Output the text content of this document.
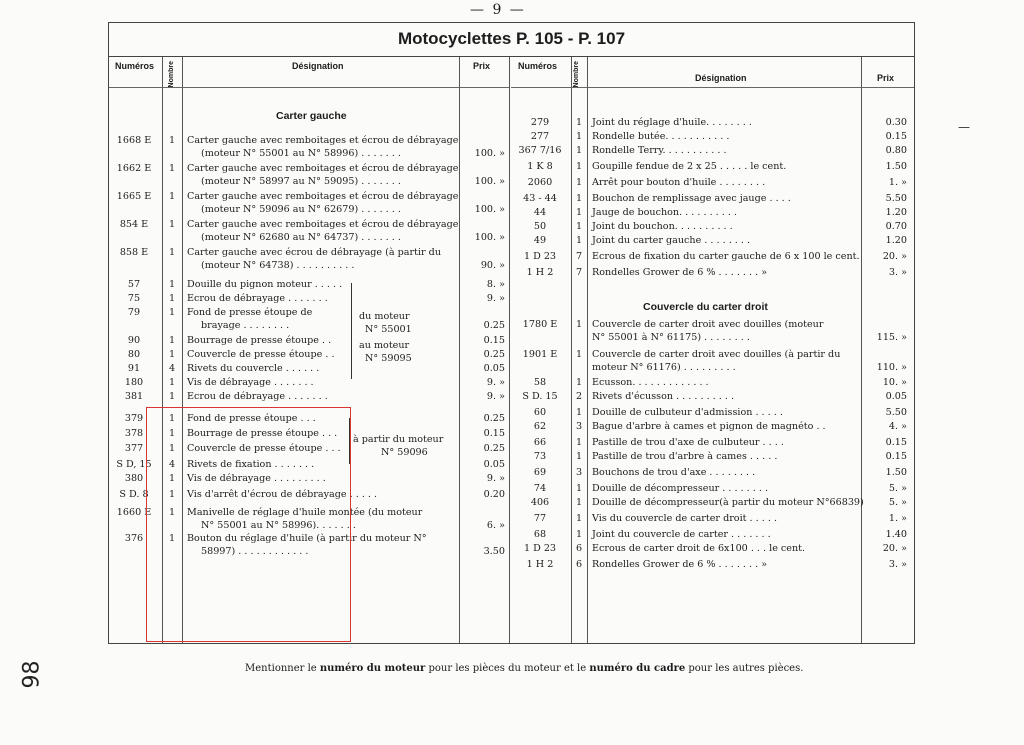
— 9 —
98
—
Motocyclettes P. 105 - P. 107
Numéros Nombre	Désignation	Prix	Numéros Nombre	Désignation	Prix
Carter gauche
Couvercle du carter droit
1668 E	1	Carter gauche avec remboitages et écrou de débrayage
(moteur N° 55001 au N° 58996) . . . . . . .	100. »
1662 E	1	Carter gauche avec remboitages et écrou de débrayage
(moteur N° 58997 au N° 59095) . . . . . . .	100. »
1665 E	1	Carter gauche avec remboitages et écrou de débrayage
(moteur N° 59096 au N° 62679) . . . . . . .	100. »
854 E	1	Carter gauche avec remboitages et écrou de débrayage
(moteur N° 62680 au N° 64737) . . . . . . .	100. »
858 E	1	Carter gauche avec écrou de débrayage (à partir du
(moteur N° 64738) . . . . . . . . . .	90. »
57	1	Douille du pignon moteur . . . . .	8. »
75	1	Ecrou de débrayage . . . . . . .	9. »
79	1	Fond de presse étoupe de
brayage . . . . . . . .	0.25
90	1	Bourrage de presse étoupe . .	0.15
80	1	Couvercle de presse étoupe . .	0.25
91	4	Rivets du couvercle . . . . . .	0.05
180	1	Vis de débrayage . . . . . . .	9. »
381	1	Ecrou de débrayage . . . . . . .	9. »
379	1	Fond de presse étoupe . . .	0.25
378	1	Bourrage de presse étoupe . . .	0.15
377	1	Couvercle de presse étoupe . . .	0.25
S D, 15	4	Rivets de fixation . . . . . . .	0.05
380	1	Vis de débrayage . . . . . . . . .	9. »
S D. 8	1	Vis d'arrêt d'écrou de débrayage . . . . .	0.20
1660 E	1	Manivelle de réglage d'huile montée (du moteur
N° 55001 au N° 58996). . . . . . .	6. »
376	1	Bouton du réglage d'huile (à partir du moteur N°
58997) . . . . . . . . . . . .	3.50
279	1	Joint du réglage d'huile. . . . . . . .	0.30
277	1	Rondelle butée. . . . . . . . . . .	0.15
367 7/16	1	Rondelle Terry. . . . . . . . . . .	0.80
1 K 8	1	Goupille fendue de 2 x 25 . . . . . le cent.	1.50
2060	1	Arrêt pour bouton d'huile . . . . . . . .	1. »
43 - 44	1	Bouchon de remplissage avec jauge . . . .	5.50
44	1	Jauge de bouchon. . . . . . . . . .	1.20
50	1	Joint du bouchon. . . . . . . . . .	0.70
49	1	Joint du carter gauche . . . . . . . .	1.20
1 D 23	7	Ecrous de fixation du carter gauche de 6 x 100 le cent.	20. »
1 H 2	7	Rondelles Grower de 6 % . . . . . . . »	3. »
1780 E	1	Couvercle de carter droit avec douilles (moteur
N° 55001 à N° 61175) . . . . . . . .	115. »
1901 E	1	Couvercle de carter droit avec douilles (à partir du
moteur N° 61176) . . . . . . . . .	110. »
58	1	Ecusson. . . . . . . . . . . . .	10. »
S D. 15	2	Rivets d'écusson . . . . . . . . . .	0.05
60	1	Douille de culbuteur d'admission . . . . .	5.50
62	3	Bague d'arbre à cames et pignon de magnéto . .	4. »
66	1	Pastille de trou d'axe de culbuteur . . . .	0.15
73	1	Pastille de trou d'arbre à cames . . . . .	0.15
69	3	Bouchons de trou d'axe . . . . . . . .	1.50
74	1	Douille de décompresseur . . . . . . . .	5. »
406	1	Douille de décompresseur(à partir du moteur N°66839)	5. »
77	1	Vis du couvercle de carter droit . . . . .	1. »
68	1	Joint du couvercle de carter . . . . . . .	1.40
1 D 23	6	Ecrous de carter droit de 6x100 . . . le cent.	20. »
1 H 2	6	Rondelles Grower de 6 % . . . . . . . »	3. »
du moteur
N° 55001
au moteur
N° 59095
à partir du moteur
N° 59096
Mentionner le numéro du moteur pour les pièces du moteur et le numéro du cadre pour les autres pièces.
